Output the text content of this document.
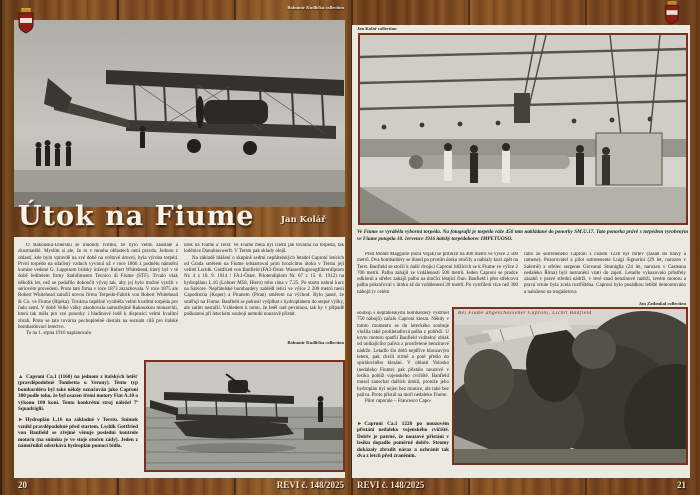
Bohumír Kudlička collection
Útok na Fiume	Jan Kolář

O Rakousku-Uhersku se mnohdy tvrdilo, že bylo velmi zaostalé a zkostnatělé. Myslím si ale, že to v mnoha oblastech není pravda. Jednou z oblastí, kde bylo vpravdě na své době na světové úrovni, byla výroba torpéd. První torpédo na stlačený vzduch vyvinul už v roce 1866 z podnětu námořní komise vedené G. Luppisem britský inženýr Robert Whitehead, který byl v té době ředitelem firmy Stabilimento Tecnico di Fiume (STF). Trvalo však několik let, než se podařilo dokončit vývoj tak, aby jej bylo možné využít v sériovém provedení. Proto tato firma v roce 1873 zkrachovala. V roce 1875 ale Robert Whitehead založil novou firmu Torpedo-Fabrik von Robert Whitehead & Co. ve Fiume (Rijeka). Továrna úspěšně vyráběla velmi kvalitní torpéda pro řadu zemí. V době Velké války zásobovala samozřejmě Rakouskou monarchii, která tak měla pro své ponorky i hladinové lodě k dispozici velmi kvalitní zbraň. Proto se tato továrna pochopitelně dostala na seznam cílů pro italské bombardovací letectvo.

To na 1. srpna 1916 naplánovalo

útok na Fiume a Terst. Ve Fiume měla být cílem jak továrna na torpéda, tak loděnice Danubiuswerft. V Terstu pak sklady olejů.

Na základě hlášení o skupině sedmi nepřátelských letadel Caproni letících od Grada směrem na Fiume odstartoval proti hrozícímu útoku v Terstu její velitel Lschlk. Gottfried von Banfield (FA3-Öster. Wasserflugzeugführerdiplom Nr. 4 z 10. 9. 1914 / FA.I-Öster. Pilotendiplom Nr. 67 z 15. 8. 1912) na hydroplánu L.16 (Lohner M58, Hiero) toho rána v 7.25. Po startu nabral kurz na Salvore. Nepřátelské bombardéry zahlédl letící ve výšce 2 200 metrů mezi Capodistria (Koper) a Piranem (Piran) směrem na východ. Bylo jasné, že směřují na Fiume. Banfield se pokusil vyšplhat s hydroplánem do stejné výšky, ale zatím nestačil. Vzhledem k tomu, že letěl nad pevninou, tak by v případě poškození při leteckém souboji nemohl nouzově přistát.

Bohumír Kudlička collection

▲ Caproni Ca.1 (1160) na jednom z italských letišť (pravděpodobně Tombetta u Verony). Tento typ bombardéru byl také někdy označován jako Caproni 300 podle toho, že byl osazen třemi motory Fiat A.10 o výkonu 100 koní. Tento konkrétní stroj náležel 7ª Squadriglii.

► Hydroplán L.16 na základně v Terstu. Snímek vznikl pravděpodobně před startem. Lschlk Gottfried von Banfield se zřejmě věnuje poslední kontrole motoru (na snímku je ve stoje otočen zády). Jeden z námořníků odstrkává hydroplán pomocí bidla.

Jan Kolář collection
Ve Fiume se vyráběla výborná torpéda. Na fotografii je torpédo ráže 450 mm nakládané do ponorky SM.U.17. Tato ponorka právě s torpédem vyrobeným ve Fiume potopila 10. července 1916 italský torpédoborec IMPETUOSO.

Před Monte Maggiore (hora Vojak) se přiblížil na 400 metrů ve výšce 2 500 metrů. Dva bombardéry se ihned po prvním útoku otočily a nabraly kurz zpět na Terst. Banfield se stočil k další dvojici Caproni blížících se k Fiume ve výšce 2 700 metrů. Palbu zahájil ze vzdálenosti 500 metrů. Jeden Caproni se prudce odklonil a střelec zahájil palbu na útočící létající člun. Banfield i přes střelcovu palbu pokračoval v útoku až do vzdálenosti 20 metrů. Po vystřílení více než 300 nábojů (v celém

souboji s nepřátelskými bombardéry vystřílel 750 nábojů) začalo Caproni klesat. Někdy v tomto momentu se do leteckého souboje vložila také protiletadlová palba z pobřeží. U krytu motoru spatřil Banfield viditelný oblak od unikajícího paliva z prostřelené benzínové nádrže. Letadlo šlo dolů nejdříve klouzavým letem, pak chvíli strmě a poté přešlo do spirálovitého klesání. V oblasti Volosko (nedaleko Fiume) pak přistálo nouzově v lesíku poblíž vojenského cvičiště. Banfield musel zanechat dalších útoků, protože jeho hydroplán byl nejen bez munice, ale také bez paliva. Proto přistál na moři nedaleko Fiume.

Pilot caporale – Francesco Capo-

► Caproni Ca.1 1228 po nouzovém přistání nedaleko vojenského cvičiště. Dobře je patrné, že nouzové přistání v lesíku dopadlo poměrně dobře. Stromy dokázaly zbrzdit náraz a uchránit tak dva z letců před zraněním.

rallo ze sestřeleného Caproni s číslem 1228 byl mrtev (zásah do hlavy a ramene). Pozorovatel a pilot sottotenente Luigi Signorini (29 let, narozen v Salerně) a střelec sergente Giovanni Straniglia (24 let, narozen v Casteana nedaleko Říma) byli nezranění vzati do zajetí. Letadlo vykazovalo průstřely zásahů v pravé střední nádrži, v levé snad benzínové nádrži, levém motoru a pravá vrtule byla zcela roztříštěna. Caproni bylo posádkou letiště demontováno a naloženo na trogáderova

Jan Zatloukal collection
Bei Fiume abgeschossener Caproni, Lschlt Banfield
20	REVI č. 148/2025 REVI č. 148/2025	21
